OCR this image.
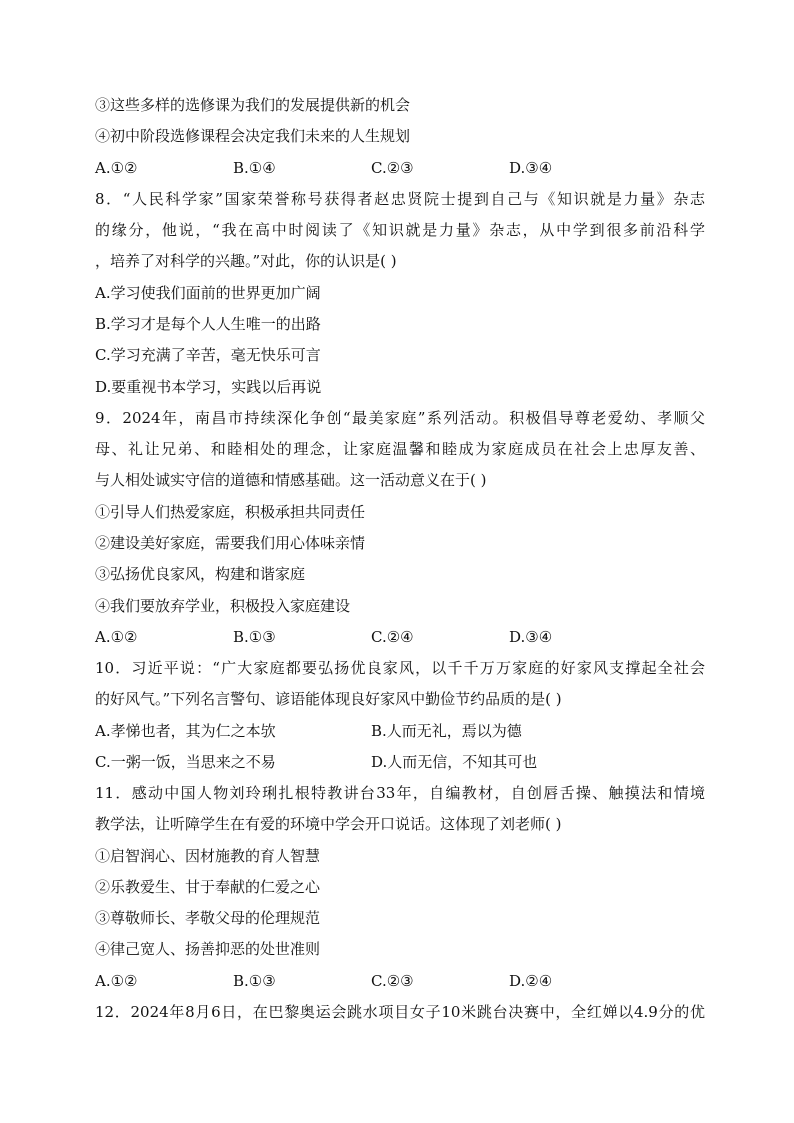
③这些多样的选修课为我们的发展提供新的机会
④初中阶段选修课程会决定我们未来的人生规划
A.①②	B.①④	C.②③	D.③④
8．“人民科学家”国家荣誉称号获得者赵忠贤院士提到自己与《知识就是力量》杂志
的缘分，他说，“我在高中时阅读了《知识就是力量》杂志，从中学到很多前沿科学
，培养了对科学的兴趣。”对此，你的认识是( )
A.学习使我们面前的世界更加广阔
B.学习才是每个人人生唯一的出路
C.学习充满了辛苦，毫无快乐可言
D.要重视书本学习，实践以后再说
9．2024年，南昌市持续深化争创“最美家庭”系列活动。积极倡导尊老爱幼、孝顺父
母、礼让兄弟、和睦相处的理念，让家庭温馨和睦成为家庭成员在社会上忠厚友善、
与人相处诚实守信的道德和情感基础。这一活动意义在于( )
①引导人们热爱家庭，积极承担共同责任
②建设美好家庭，需要我们用心体味亲情
③弘扬优良家风，构建和谐家庭
④我们要放弃学业，积极投入家庭建设
A.①②	B.①③	C.②④	D.③④
10．习近平说：“广大家庭都要弘扬优良家风，以千千万万家庭的好家风支撑起全社会
的好风气。”下列名言警句、谚语能体现良好家风中勤俭节约品质的是( )
A.孝悌也者，其为仁之本欤	B.人而无礼，焉以为德
C.一粥一饭，当思来之不易	D.人而无信，不知其可也
11．感动中国人物刘玲琍扎根特教讲台33年，自编教材，自创唇舌操、触摸法和情境
教学法，让听障学生在有爱的环境中学会开口说话。这体现了刘老师( )
①启智润心、因材施教的育人智慧
②乐教爱生、甘于奉献的仁爱之心
③尊敬师长、孝敬父母的伦理规范
④律己宽人、扬善抑恶的处世准则
A.①②	B.①③	C.②③	D.②④
12．2024年8月6日，在巴黎奥运会跳水项目女子10米跳台决赛中，全红婵以4.9分的优
